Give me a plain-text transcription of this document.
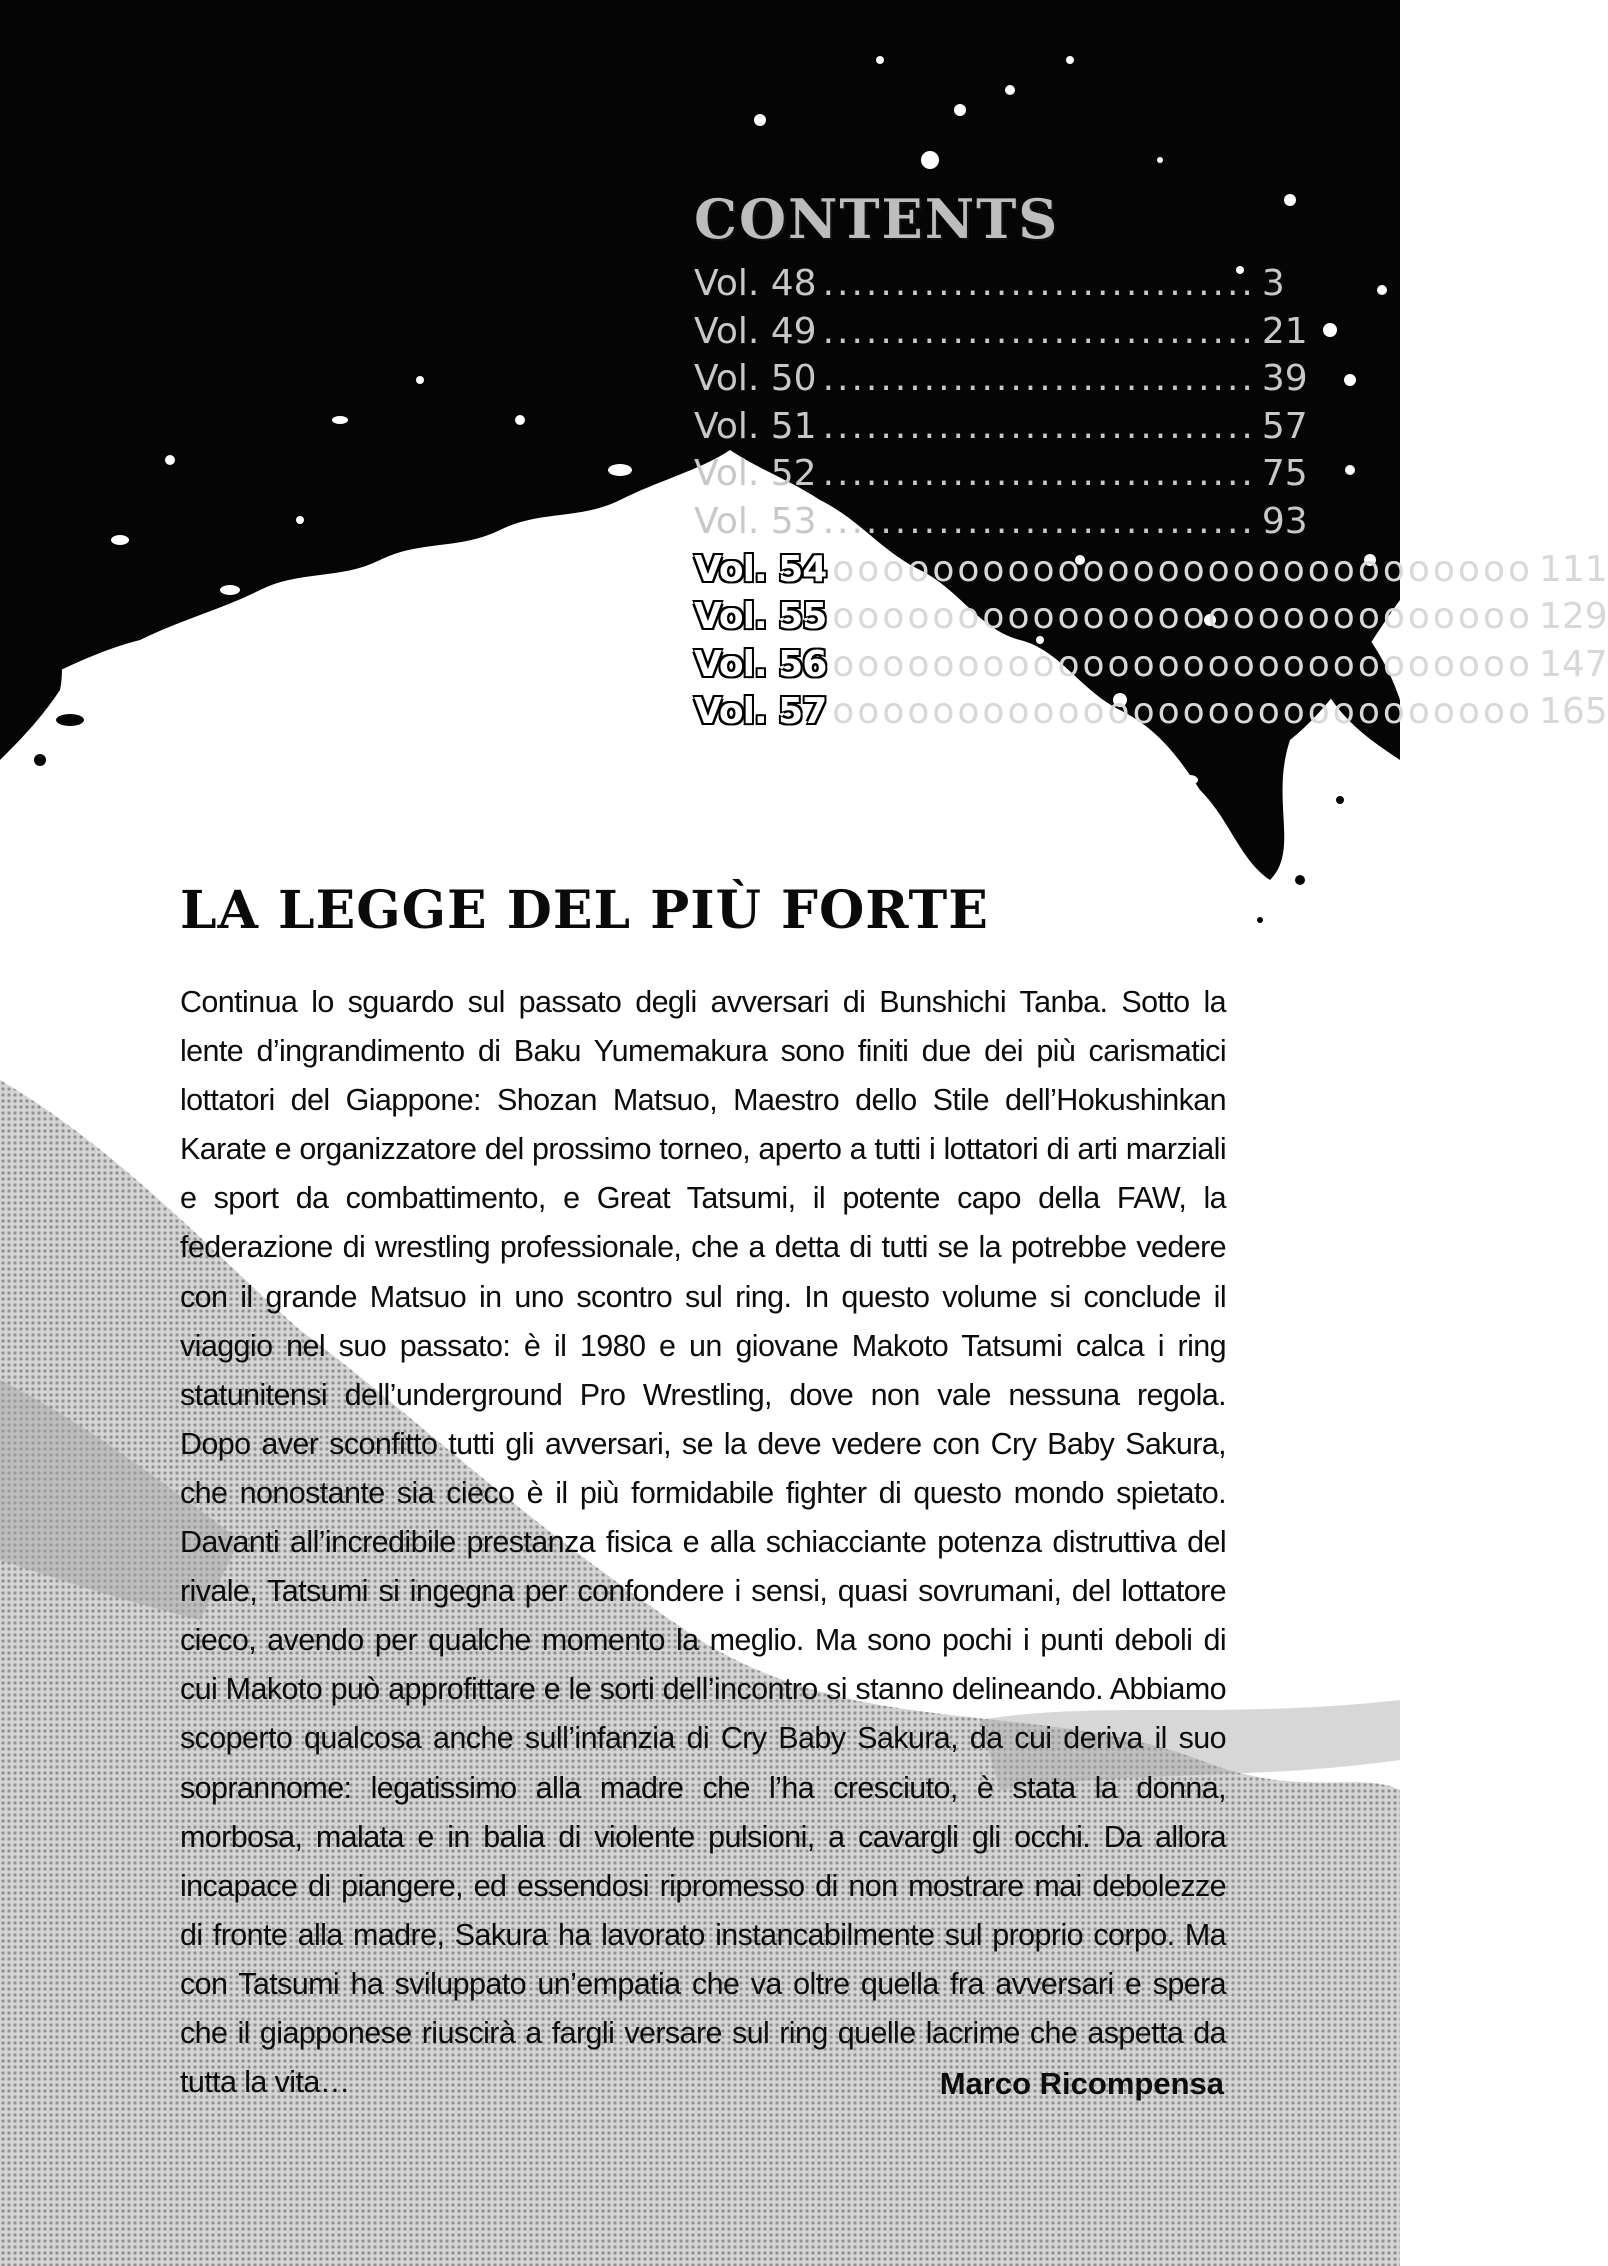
CONTENTS
Vol. 48 .............................. 3
Vol. 49 .............................. 21
Vol. 50 .............................. 39
Vol. 51 .............................. 57
Vol. 52 .............................. 75
Vol. 53 .............................. 93
Vol. 54 oooooooooooooooooooooooooooo 111
Vol. 55 oooooooooooooooooooooooooooo 129
Vol. 56 oooooooooooooooooooooooooooo 147
Vol. 57 oooooooooooooooooooooooooooo 165
LA LEGGE DEL PIÙ FORTE

Continua lo sguardo sul passato degli avversari di Bunshichi Tanba. Sotto la lente d’ingrandimento di Baku Yumemakura sono finiti due dei più carismatici lottatori del Giappone: Shozan Matsuo, Maestro dello Stile dell’Hokushinkan Karate e organizzatore del prossimo torneo, aperto a tutti i lottatori di arti marziali e sport da combattimento, e Great Tatsumi, il potente capo della FAW, la federazione di wrestling professionale, che a detta di tutti se la potrebbe vedere con il grande Matsuo in uno scontro sul ring. In questo volume si conclude il viaggio nel suo passato: è il 1980 e un giovane Makoto Tatsumi calca i ring statunitensi dell’underground Pro Wrestling, dove non vale nessuna regola. Dopo aver sconfitto tutti gli avversari, se la deve vedere con Cry Baby Sakura, che nonostante sia cieco è il più formidabile fighter di questo mondo spietato. Davanti all’incredibile prestanza fisica e alla schiacciante potenza distruttiva del rivale, Tatsumi si ingegna per confondere i sensi, quasi sovrumani, del lottatore cieco, avendo per qualche momento la meglio. Ma sono pochi i punti deboli di cui Makoto può approfittare e le sorti dell’incontro si stanno delineando. Abbiamo scoperto qualcosa anche sull’infanzia di Cry Baby Sakura, da cui deriva il suo soprannome: legatissimo alla madre che l’ha cresciuto, è stata la donna, morbosa, malata e in balia di violente pulsioni, a cavargli gli occhi. Da allora incapace di piangere, ed essendosi ripromesso di non mostrare mai debolezze di fronte alla madre, Sakura ha lavorato instancabilmente sul proprio corpo. Ma con Tatsumi ha sviluppato un’empatia che va oltre quella fra avversari e spera che il giapponese riuscirà a fargli versare sul ring quelle lacrime che aspetta da tutta la vita…	Marco Ricompensa
